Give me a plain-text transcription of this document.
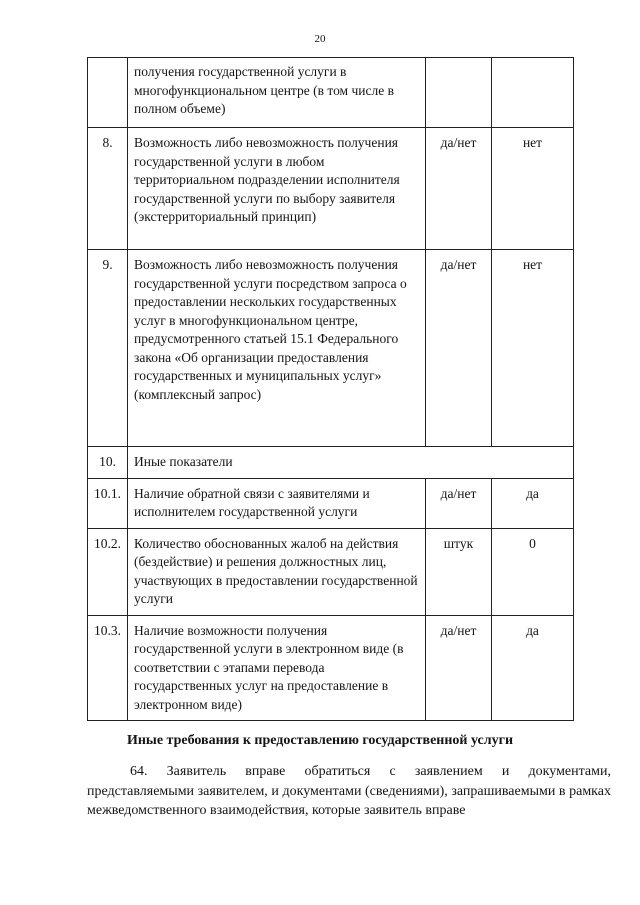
20
	получения государственной услуги в многофункциональном центре (в том числе в полном объеме)		
8.	Возможность либо невозможность получения государственной услуги в любом территориальном подразделении исполнителя государственной услуги по выбору заявителя (экстерриториальный принцип)	да/нет	нет
9.	Возможность либо невозможность получения государственной услуги посредством запроса о предоставлении нескольких государственных услуг в многофункциональном центре, предусмотренного статьей 15.1 Федерального закона «Об организации предоставления государственных и муниципальных услуг» (комплексный запрос)	да/нет	нет
10.	Иные показатели		
10.1.	Наличие обратной связи с заявителями и исполнителем государственной услуги	да/нет	да
10.2.	Количество обоснованных жалоб на действия (бездействие) и решения должностных лиц, участвующих в предоставлении государственной услуги	штук	0
10.3.	Наличие возможности получения государственной услуги в электронном виде (в соответствии с этапами перевода государственных услуг на предоставление в электронном виде)	да/нет	да
Иные требования к предоставлению государственной услуги

64. Заявитель вправе обратиться с заявлением и документами, представляемыми заявителем, и документами (сведениями), запрашиваемыми в рамках межведомственного взаимодействия, которые заявитель вправе
